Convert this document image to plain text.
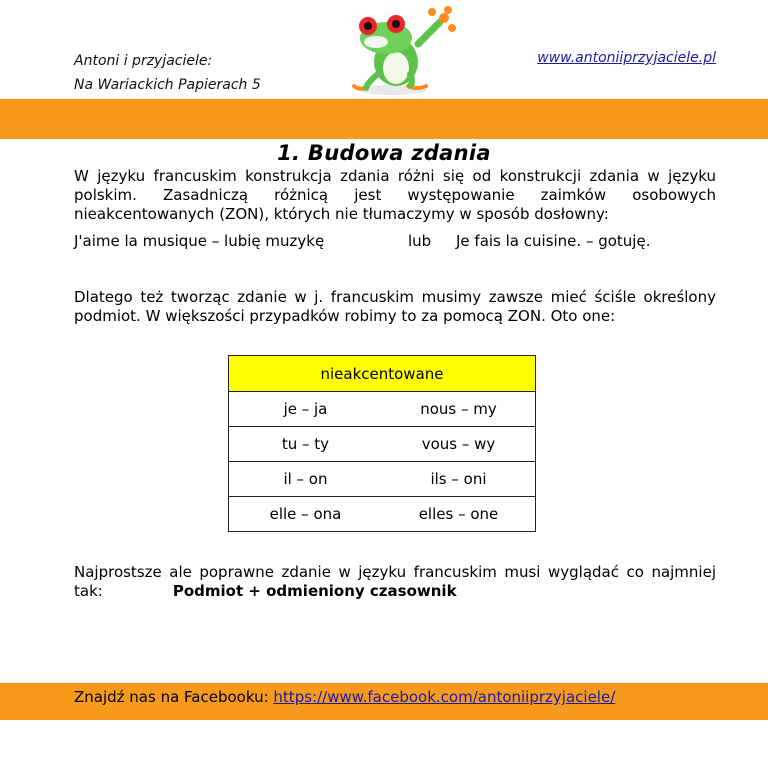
Antoni i przyjaciele:
Na Wariackich Papierach 5
www.antoniiprzyjaciele.pl
1. Budowa zdania
W języku francuskim konstrukcja zdania różni się od konstrukcji zdania w języku polskim. Zasadniczą różnicą jest występowanie zaimków osobowych nieakcentowanych (ZON), których nie tłumaczymy w sposób dosłowny:
J'aime la musique – lubię muzykę	lub Je fais la cuisine. – gotuję.
Dlatego też tworząc zdanie w j. francuskim musimy zawsze mieć ściśle określony podmiot. W większości przypadków robimy to za pomocą ZON. Oto one:
nieakcentowane	
je – ja	nous – my
tu – ty	vous – wy
il – on	ils – oni
elle – ona	elles – one
Najprostsze ale poprawne zdanie w języku francuskim musi wyglądać co najmniej tak:	Podmiot + odmieniony czasownik
Znajdź nas na Facebooku: https://www.facebook.com/antoniiprzyjaciele/
